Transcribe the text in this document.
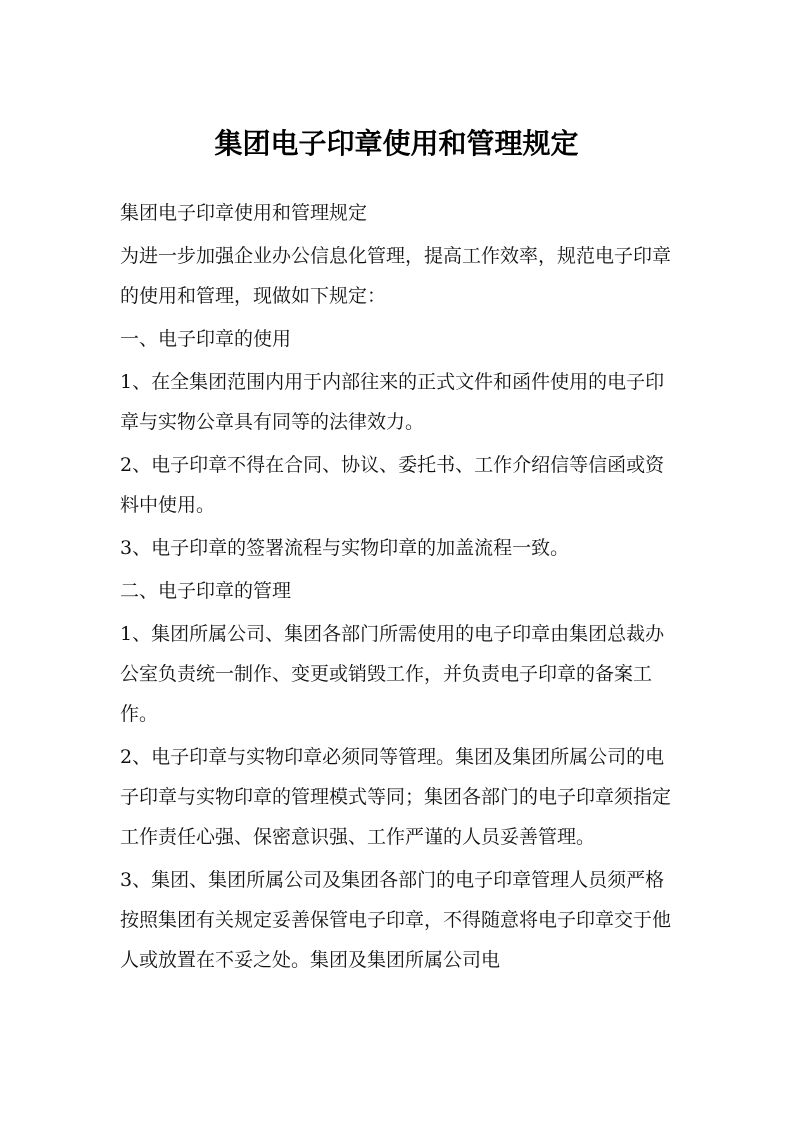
集团电子印章使用和管理规定

集团电子印章使用和管理规定

为进一步加强企业办公信息化管理，提高工作效率，规范电子印章的使用和管理，现做如下规定：

一、电子印章的使用

1、在全集团范围内用于内部往来的正式文件和函件使用的电子印章与实物公章具有同等的法律效力。

2、电子印章不得在合同、协议、委托书、工作介绍信等信函或资料中使用。

3、电子印章的签署流程与实物印章的加盖流程一致。

二、电子印章的管理

1、集团所属公司、集团各部门所需使用的电子印章由集团总裁办公室负责统一制作、变更或销毁工作，并负责电子印章的备案工作。

2、电子印章与实物印章必须同等管理。集团及集团所属公司的电子印章与实物印章的管理模式等同；集团各部门的电子印章须指定工作责任心强、保密意识强、工作严谨的人员妥善管理。

3、集团、集团所属公司及集团各部门的电子印章管理人员须严格按照集团有关规定妥善保管电子印章，不得随意将电子印章交于他人或放置在不妥之处。集团及集团所属公司电
